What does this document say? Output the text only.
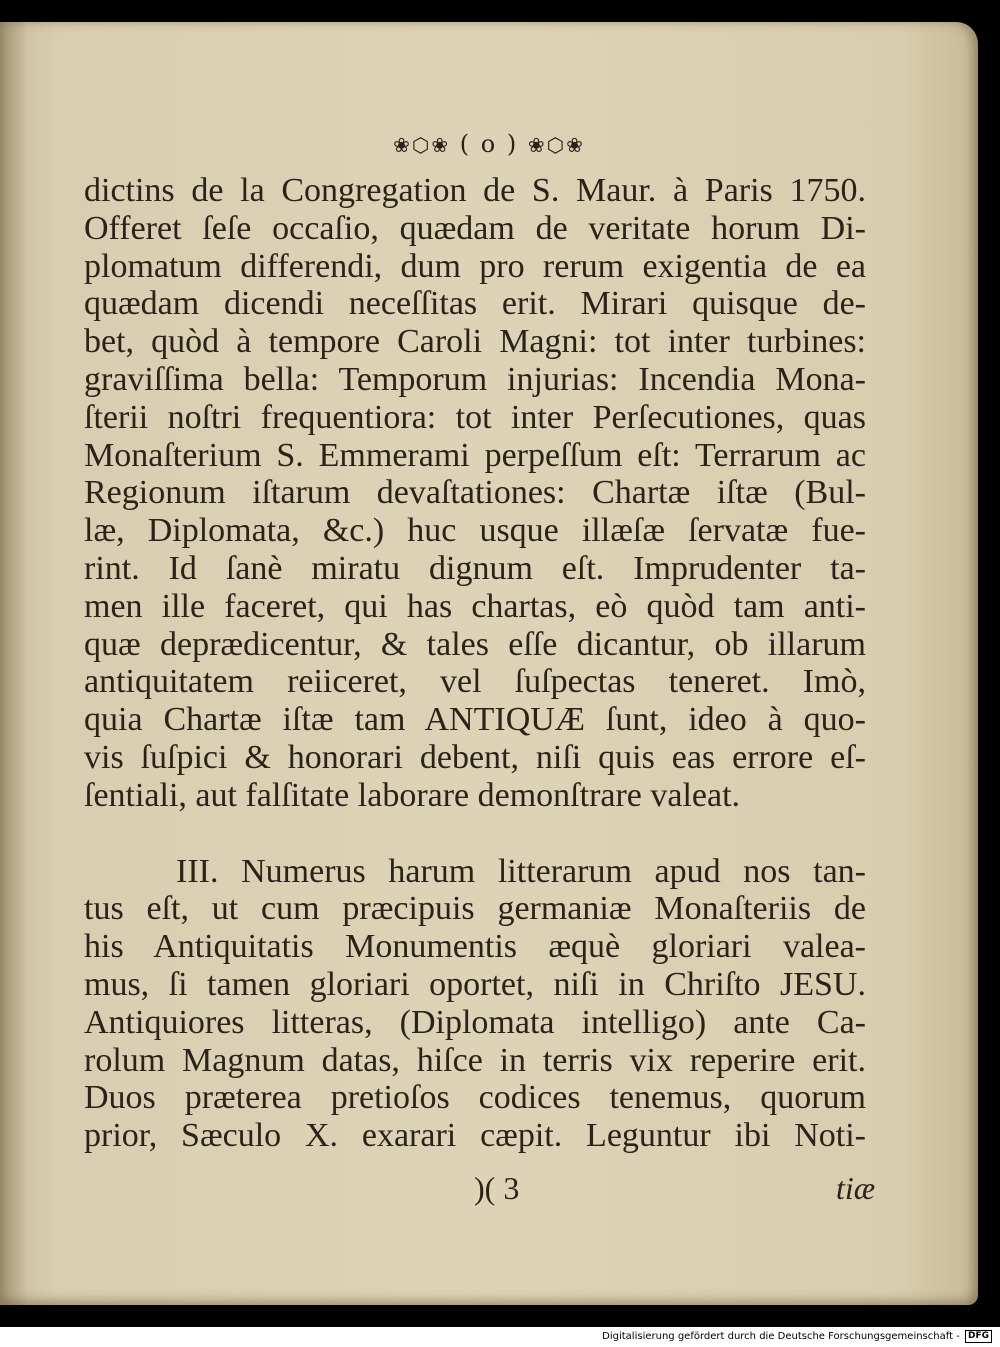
❀⬡❀ ( o ) ❀⬡❀
dictins de la Congregation de S. Maur. à Paris 1750.
Offeret ſeſe occaſio, quædam de veritate horum Di-
plomatum differendi, dum pro rerum exigentia de ea
quædam dicendi neceſſitas erit. Mirari quisque de-
bet, quòd à tempore Caroli Magni: tot inter turbines:
graviſſima bella: Temporum injurias: Incendia Mona-
ſterii noſtri frequentiora: tot inter Perſecutiones, quas
Monaſterium S. Emmerami perpeſſum eſt: Terrarum ac
Regionum iſtarum devaſtationes: Chartæ iſtæ (Bul-
læ, Diplomata, &c.) huc usque illæſæ ſervatæ fue-
rint. Id ſanè miratu dignum eſt. Imprudenter ta-
men ille faceret, qui has chartas, eò quòd tam anti-
quæ deprædicentur, & tales eſſe dicantur, ob illarum
antiquitatem reiiceret, vel ſuſpectas teneret. Imò,
quia Chartæ iſtæ tam ANTIQUÆ ſunt, ideo à quo-
vis ſuſpici & honorari debent, niſi quis eas errore eſ-
ſentiali, aut falſitate laborare demonſtrare valeat.
III. Numerus harum litterarum apud nos tan-
tus eſt, ut cum præcipuis germaniæ Monaſteriis de
his Antiquitatis Monumentis æquè gloriari valea-
mus, ſi tamen gloriari oportet, niſi in Chriſto JESU.
Antiquiores litteras, (Diplomata intelligo) ante Ca-
rolum Magnum datas, hiſce in terris vix reperire erit.
Duos præterea pretioſos codices tenemus, quorum
prior, Sæculo X. exarari cæpit. Leguntur ibi Noti-
)( 3	tiæ
Digitalisierung gefördert durch die Deutsche Forschungsgemeinschaft - DFG
